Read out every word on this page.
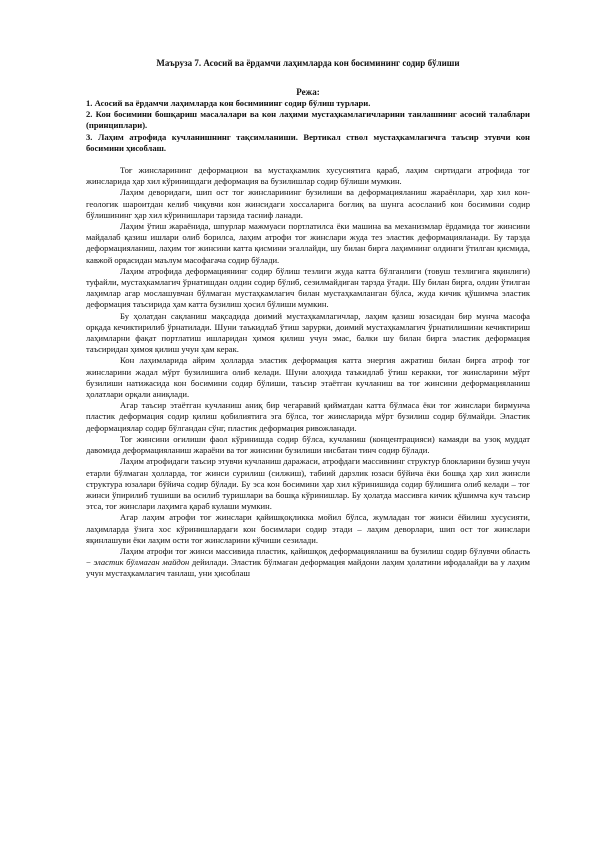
Маъруза 7. Асосий ва ёрдамчи лаҳимларда кон босимининг содир бўлиши
Режа:
1. Асосий ва ёрдамчи лаҳимларда кон босимининг содир бўлиш турлари.
2. Кон босимини бошқариш масалалари ва кон лаҳими мустаҳкамлагичларини танлашнинг асосий талаблари (принциплари).
3. Лаҳим атрофида кучланишнинг тақсимланиши. Вертикал ствол мустаҳкамлагичга таъсир этувчи кон босимини ҳисоблаш.

Тоғ жинсларининг деформацион ва мустаҳкамлик хусусиятига қараб, лаҳим сиртидаги атрофида тоғ жинсларида ҳар хил кўринишдаги деформация ва бузилишлар содир бўлиши мумкин.

Лаҳим деворидаги, шип ост тоғ жинсларининг бузилиши ва деформацияланиш жараёнлари, ҳар хил кон-геологик шароитдан келиб чиқувчи кон жинсидаги хоссаларига боғлиқ ва шунга асосланиб кон босимини содир бўлишининг ҳар хил кўринишлари тарзида тасниф ланади.

Лаҳим ўтиш жараёнида, шпурлар мажмуаси портлатилса ёки машина ва механизмлар ёрдамида тоғ жинсини майдалаб қазиш ишлари олиб борилса, лаҳим атрофи тоғ жинслари жуда тез эластик деформацияланади. Бу тарзда деформацияланиш, лаҳим тоғ жинсини катта қисмини эгаллайди, шу билан бирга лаҳимнинг олдинги ўтилган қисмида, кавжой орқасидан маълум масофагача содир бўлади.

Лаҳим атрофида деформациянинг содир бўлиш тезлиги жуда катта бўлганлиги (товуш тезлигига яқинлиги) туфайли, мустаҳкамлагич ўрнатишдан олдин содир бўлиб, сезилмайдиган тарзда ўтади. Шу билан бирга, олдин ўтилган лаҳимлар агар мослашувчан бўлмаган мустаҳкамлагич билан мустаҳкамланган бўлса, жуда кичик қўшимча эластик деформация таъсирида ҳам катта бузилиш ҳосил бўлиши мумкин.

Бу ҳолатдан сақланиш мақсадида доимий мустаҳкамлагичлар, лаҳим қазиш юзасидан бир мунча масофа орқада кечиктирилиб ўрнатилади. Шуни таъкидлаб ўтиш зарурки, доимий мустаҳкамлагич ўрнатилишини кечиктириш лаҳимларни фақат портлатиш ишларидан ҳимоя қилиш учун эмас, балки шу билан бирга эластик деформация таъсиридан ҳимоя қилиш учун ҳам керак.

Кон лаҳимларида айрим ҳолларда эластик деформация катта энергия ажратиш билан бирга атроф тоғ жинсларини жадал мўрт бузилишига олиб келади. Шуни алоҳида таъкидлаб ўтиш керакки, тоғ жинсларини мўрт бузилиши натижасида кон босимини содир бўлиши, таъсир этаётган кучланиш ва тоғ жинсини деформацияланиш ҳолатлари орқали аниқлади.

Агар таъсир этаётган кучланиш аниқ бир чегаравий қийматдан катта бўлмаса ёки тоғ жинслари бирмунча пластик деформация содир қилиш қобилиятига эга бўлса, тоғ жинсларида мўрт бузилиш содир бўлмайди. Эластик деформациялар содир бўлгандан сўнг, пластик деформация ривожланади.

Тоғ жинсини оғилиши фаол кўринишда содир бўлса, кучланиш (концентрацияси) камаяди ва узоқ муддат давомида деформацияланиш жараёни ва тоғ жинсини бузилиши нисбатан тинч содир бўлади.

Лаҳим атрофидаги таъсир этувчи кучланиш даражаси, атрофдаги массивнинг структур блокларини бузиш учун етарли бўлмаган ҳолларда, тоғ жинси сурилиш (силжиш), табиий дарзлик юзаси бўйича ёки бошқа ҳар хил жинсли структура юзалари бўйича содир бўлади. Бу эса кон босимини ҳар хил кўринишида содир бўлишига олиб келади – тоғ жинси ўпирилиб тушиши ва осилиб туришлари ва бошқа кўринишлар. Бу ҳолатда массивга кичик қўшимча куч таъсир этса, тоғ жинслари лаҳимга қараб кулаши мумкин.

Агар лаҳим атрофи тоғ жинслари қайишқоқликка мойил бўлса, жумладан тоғ жинси ёйилиш хусусияти, лаҳимларда ўзига хос кўринишлардаги кон босимлари содир этади – лаҳим деворлари, шип ост тоғ жинслари яқинлашуви ёки лаҳим ости тоғ жинсларини кўчиши сезилади.

Лаҳим атрофи тоғ жинси массивида пластик, қайишқоқ деформацияланиш ва бузилиш содир бўлувчи область − эластик бўлмаган майдон дейилади. Эластик бўлмаган деформация майдони лаҳим ҳолатини ифодалайди ва у лаҳим учун мустаҳкамлагич танлаш, уни ҳисоблаш
